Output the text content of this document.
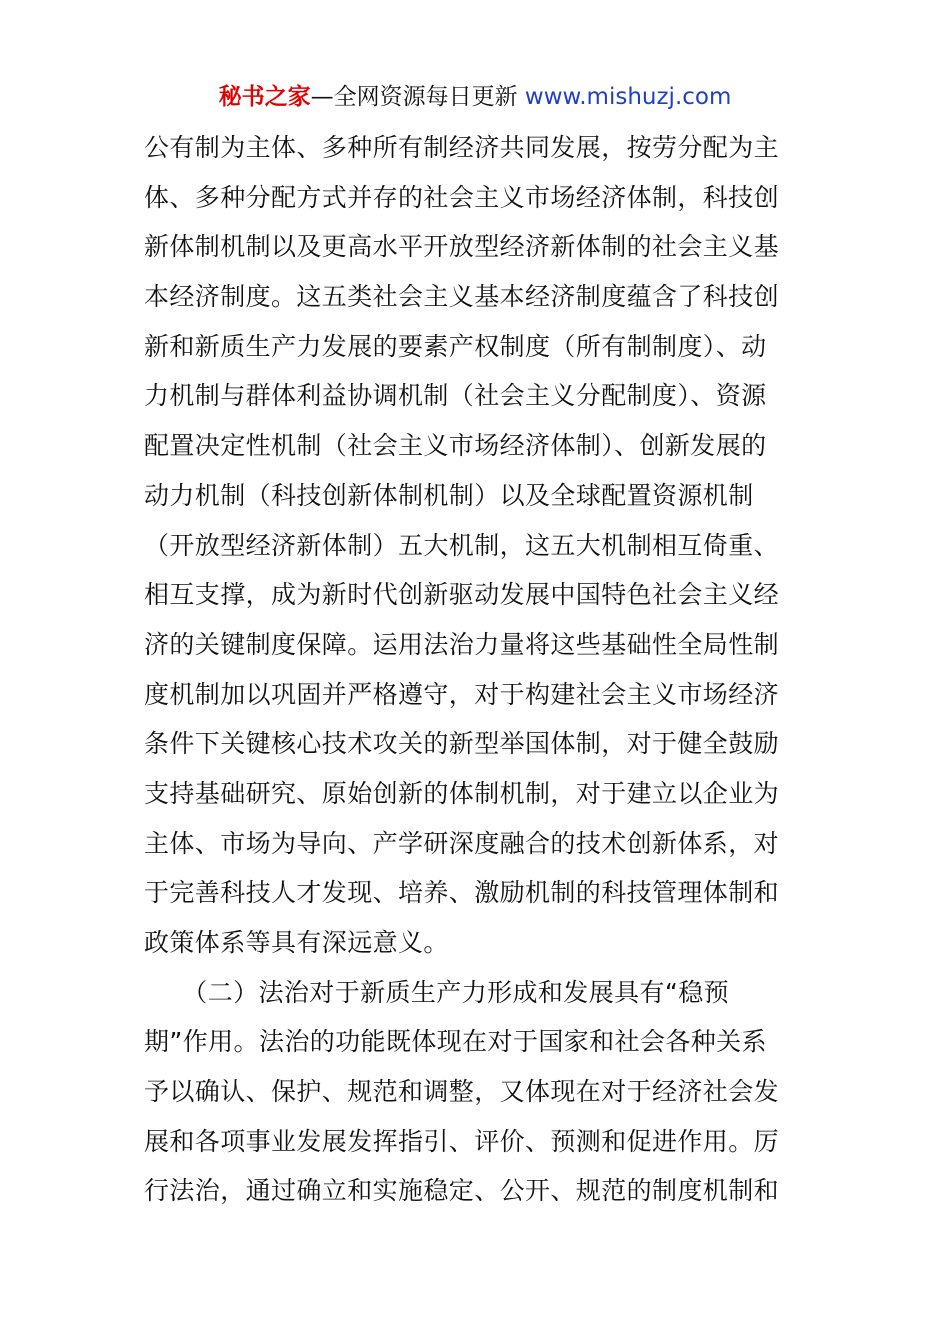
秘书之家—全网资源每日更新 www.mishuzj.com
公有制为主体、多种所有制经济共同发展，按劳分配为主
体、多种分配方式并存的社会主义市场经济体制，科技创
新体制机制以及更高水平开放型经济新体制的社会主义基
本经济制度。这五类社会主义基本经济制度蕴含了科技创
新和新质生产力发展的要素产权制度（所有制制度）、动
力机制与群体利益协调机制（社会主义分配制度）、资源
配置决定性机制（社会主义市场经济体制）、创新发展的
动力机制（科技创新体制机制）以及全球配置资源机制
（开放型经济新体制）五大机制，这五大机制相互倚重、
相互支撑，成为新时代创新驱动发展中国特色社会主义经
济的关键制度保障。运用法治力量将这些基础性全局性制
度机制加以巩固并严格遵守，对于构建社会主义市场经济
条件下关键核心技术攻关的新型举国体制，对于健全鼓励
支持基础研究、原始创新的体制机制，对于建立以企业为
主体、市场为导向、产学研深度融合的技术创新体系，对
于完善科技人才发现、培养、激励机制的科技管理体制和
政策体系等具有深远意义。
　　（二）法治对于新质生产力形成和发展具有“稳预
期”作用。法治的功能既体现在对于国家和社会各种关系
予以确认、保护、规范和调整，又体现在对于经济社会发
展和各项事业发展发挥指引、评价、预测和促进作用。厉
行法治，通过确立和实施稳定、公开、规范的制度机制和
